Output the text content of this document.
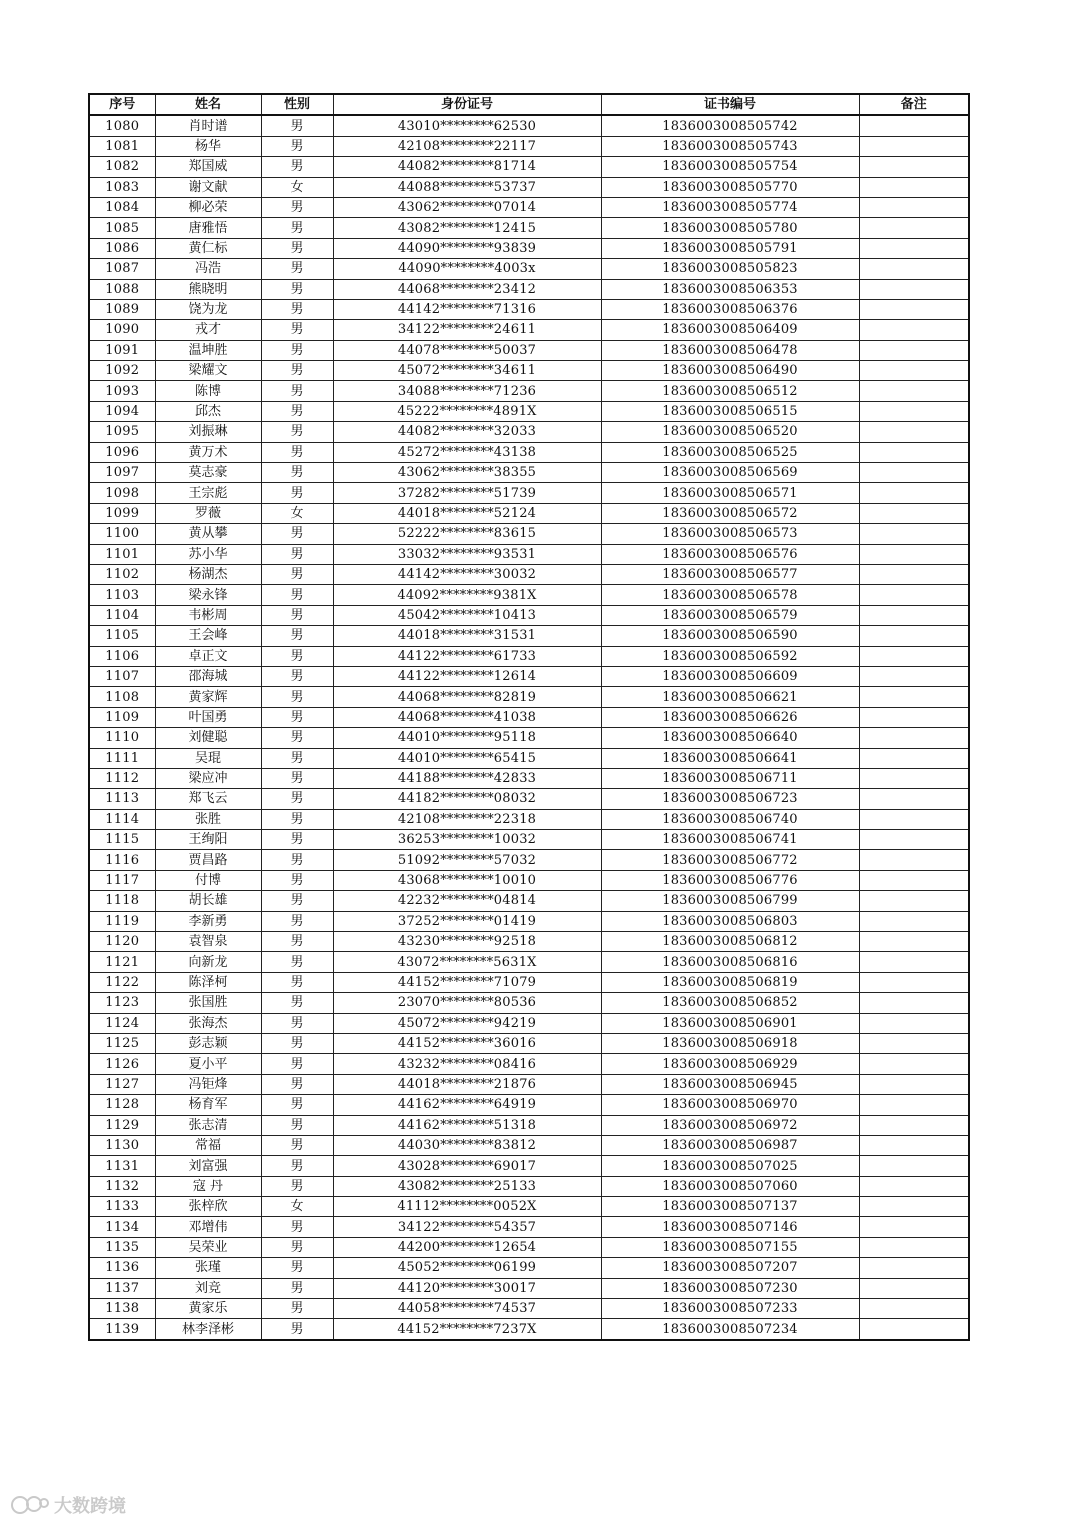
序号	姓名	性别	身份证号	证书编号	备注
1080	肖时谱	男	43010********62530	1836003008505742	
1081	杨华	男	42108********22117	1836003008505743	
1082	郑国威	男	44082********81714	1836003008505754	
1083	谢文献	女	44088********53737	1836003008505770	
1084	柳必荣	男	43062********07014	1836003008505774	
1085	唐雅悟	男	43082********12415	1836003008505780	
1086	黄仁标	男	44090********93839	1836003008505791	
1087	冯浩	男	44090********4003x	1836003008505823	
1088	熊晓明	男	44068********23412	1836003008506353	
1089	饶为龙	男	44142********71316	1836003008506376	
1090	戎才	男	34122********24611	1836003008506409	
1091	温坤胜	男	44078********50037	1836003008506478	
1092	梁耀文	男	45072********34611	1836003008506490	
1093	陈博	男	34088********71236	1836003008506512	
1094	邱杰	男	45222********4891X	1836003008506515	
1095	刘振琳	男	44082********32033	1836003008506520	
1096	黄万术	男	45272********43138	1836003008506525	
1097	莫志豪	男	43062********38355	1836003008506569	
1098	王宗彪	男	37282********51739	1836003008506571	
1099	罗薇	女	44018********52124	1836003008506572	
1100	黄从攀	男	52222********83615	1836003008506573	
1101	苏小华	男	33032********93531	1836003008506576	
1102	杨湖杰	男	44142********30032	1836003008506577	
1103	梁永锋	男	44092********9381X	1836003008506578	
1104	韦彬周	男	45042********10413	1836003008506579	
1105	王会峰	男	44018********31531	1836003008506590	
1106	卓正文	男	44122********61733	1836003008506592	
1107	邵海城	男	44122********12614	1836003008506609	
1108	黄家辉	男	44068********82819	1836003008506621	
1109	叶国勇	男	44068********41038	1836003008506626	
1110	刘健聪	男	44010********95118	1836003008506640	
1111	吴琨	男	44010********65415	1836003008506641	
1112	梁应冲	男	44188********42833	1836003008506711	
1113	郑飞云	男	44182********08032	1836003008506723	
1114	张胜	男	42108********22318	1836003008506740	
1115	王绚阳	男	36253********10032	1836003008506741	
1116	贾昌路	男	51092********57032	1836003008506772	
1117	付博	男	43068********10010	1836003008506776	
1118	胡长雄	男	42232********04814	1836003008506799	
1119	李新勇	男	37252********01419	1836003008506803	
1120	袁智泉	男	43230********92518	1836003008506812	
1121	向新龙	男	43072********5631X	1836003008506816	
1122	陈泽柯	男	44152********71079	1836003008506819	
1123	张国胜	男	23070********80536	1836003008506852	
1124	张海杰	男	45072********94219	1836003008506901	
1125	彭志颖	男	44152********36016	1836003008506918	
1126	夏小平	男	43232********08416	1836003008506929	
1127	冯钜烽	男	44018********21876	1836003008506945	
1128	杨育军	男	44162********64919	1836003008506970	
1129	张志清	男	44162********51318	1836003008506972	
1130	常福	男	44030********83812	1836003008506987	
1131	刘富强	男	43028********69017	1836003008507025	
1132	寇 丹	男	43082********25133	1836003008507060	
1133	张梓欣	女	41112********0052X	1836003008507137	
1134	邓增伟	男	34122********54357	1836003008507146	
1135	吴荣业	男	44200********12654	1836003008507155	
1136	张瑾	男	45052********06199	1836003008507207	
1137	刘竞	男	44120********30017	1836003008507230	
1138	黄家乐	男	44058********74537	1836003008507233	
1139	林李泽彬	男	44152********7237X	1836003008507234	
大数跨境
